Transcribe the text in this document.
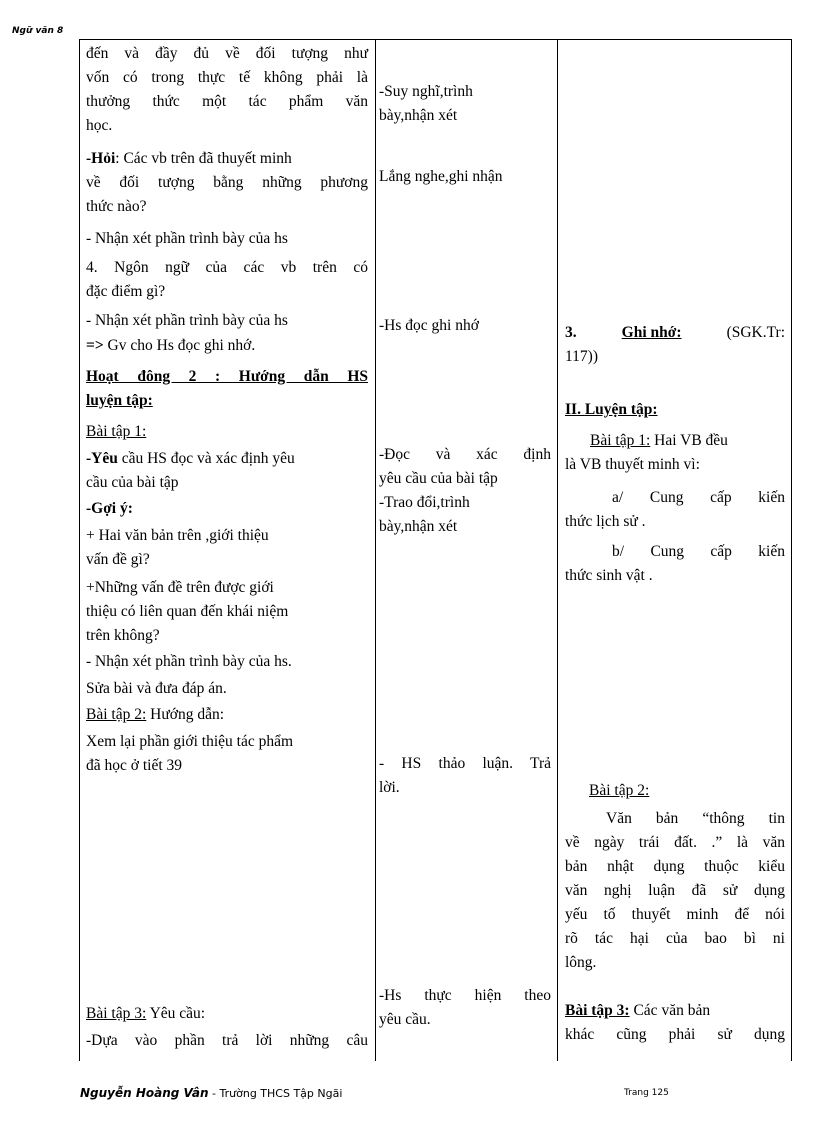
Ngữ văn 8
đến và đầy đủ về đối tượng như
vốn có trong thực tế không phải là
thưởng thức một tác phẩm văn
học.
-Hỏi: Các vb trên đã thuyết minh
về đối tượng bằng những phương
thức nào?
- Nhận xét phần trình bày của hs
4. Ngôn ngữ của các vb trên có
đặc điểm gì?
- Nhận xét phần trình bày của hs
=> Gv cho Hs đọc ghi nhớ.
Hoạt đông 2 : Hướng dẫn HS
luyện tập:
Bài tập 1:
-Yêu cầu HS đọc và xác định yêu
cầu của bài tập
-Gợi ý:
+ Hai văn bản trên ,giới thiệu
vấn đề gì?
+Những vấn đề trên được giới
thiệu có liên quan đến khái niệm
trên không?
- Nhận xét phần trình bày của hs.
Sửa bài và đưa đáp án.
Bài tập 2: Hướng dẫn:
Xem lại phần giới thiệu tác phẩm
đã học ở tiết 39
Bài tập 3: Yêu cầu:
-Dựa vào phần trả lời những câu

-Suy nghĩ,trình
bày,nhận xét
Lắng nghe,ghi nhận
-Hs đọc ghi nhớ
-Đọc và xác định
yêu cầu của bài tập
-Trao đổi,trình
bày,nhận xét
- HS thảo luận. Trả
lời.
-Hs thực hiện theo
yêu cầu.

3.	Ghi nhớ:	(SGK.Tr:
117))
II. Luyện tập:
Bài tập 1: Hai VB đều
là VB thuyết minh vì:
a/ Cung cấp kiến
thức lịch sử .
b/ Cung cấp kiến
thức sinh vật .
Bài tập 2:
Văn bản “thông tin
về ngày trái đất. .” là văn
bản nhật dụng thuộc kiểu
văn nghị luận đã sử dụng
yếu tố thuyết minh để nói
rõ tác hại của bao bì ni
lông.
Bài tập 3: Các văn bản
khác cũng phải sử dụng
Nguyễn Hoàng Vân - Trường THCS Tập Ngãi	Trang 125
